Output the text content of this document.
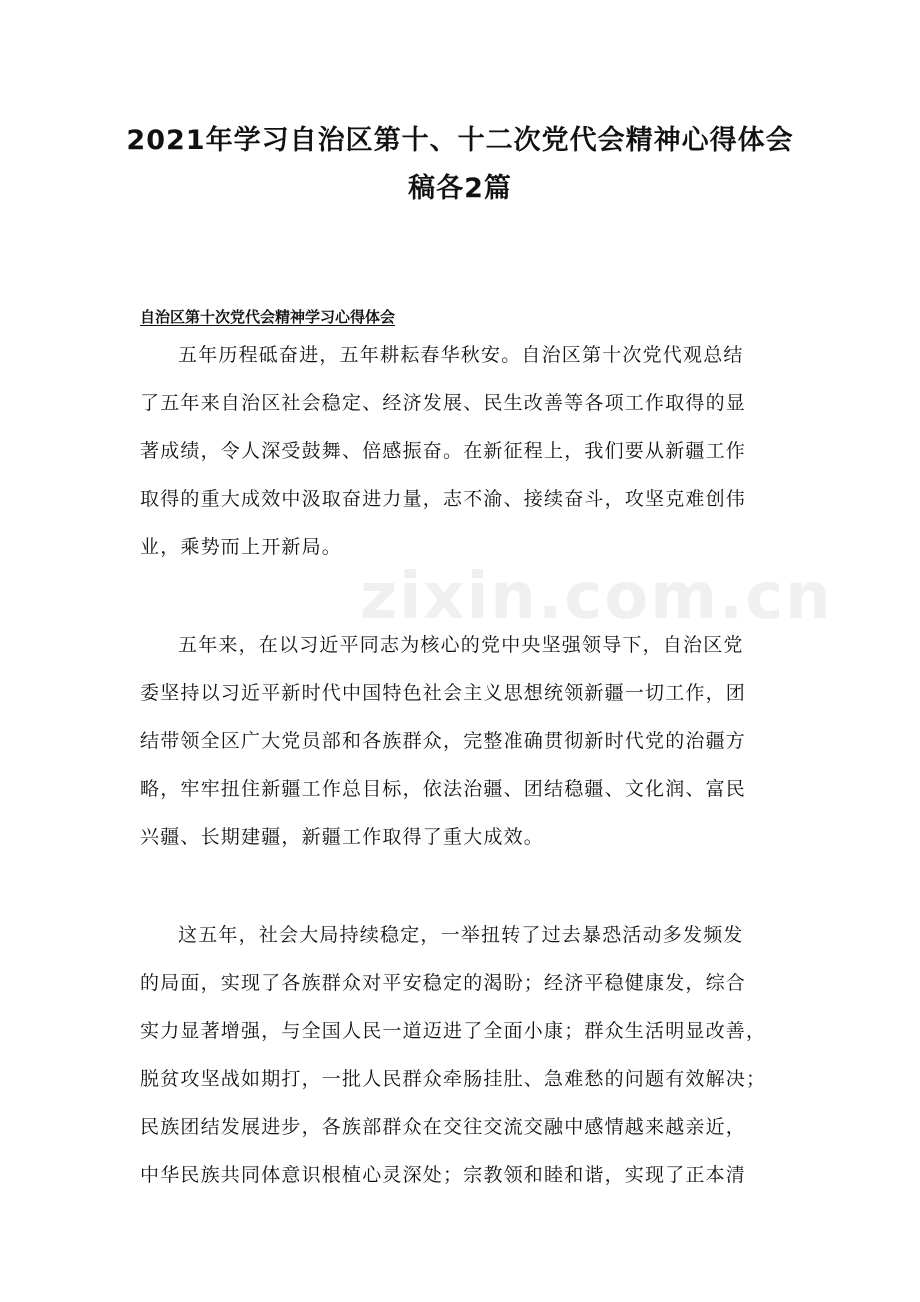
zixin.com.cn
2021年学习自治区第十、十二次党代会精神心得体会
稿各2篇
自治区第十次党代会精神学习心得体会
五年历程砥奋进，五年耕耘春华秋安。自治区第十次党代观总结
了五年来自治区社会稳定、经济发展、民生改善等各项工作取得的显
著成绩，令人深受鼓舞、倍感振奋。在新征程上，我们要从新疆工作
取得的重大成效中汲取奋进力量，志不渝、接续奋斗，攻坚克难创伟
业，乘势而上开新局。
五年来，在以习近平同志为核心的党中央坚强领导下，自治区党
委坚持以习近平新时代中国特色社会主义思想统领新疆一切工作，团
结带领全区广大党员部和各族群众，完整准确贯彻新时代党的治疆方
略，牢牢扭住新疆工作总目标，依法治疆、团结稳疆、文化润、富民
兴疆、长期建疆，新疆工作取得了重大成效。
这五年，社会大局持续稳定，一举扭转了过去暴恐活动多发频发
的局面，实现了各族群众对平安稳定的渴盼；经济平稳健康发，综合
实力显著增强，与全国人民一道迈进了全面小康；群众生活明显改善，
脱贫攻坚战如期打，一批人民群众牵肠挂肚、急难愁的问题有效解决；
民族团结发展进步，各族部群众在交往交流交融中感情越来越亲近，
中华民族共同体意识根植心灵深处；宗教领和睦和谐，实现了正本清
